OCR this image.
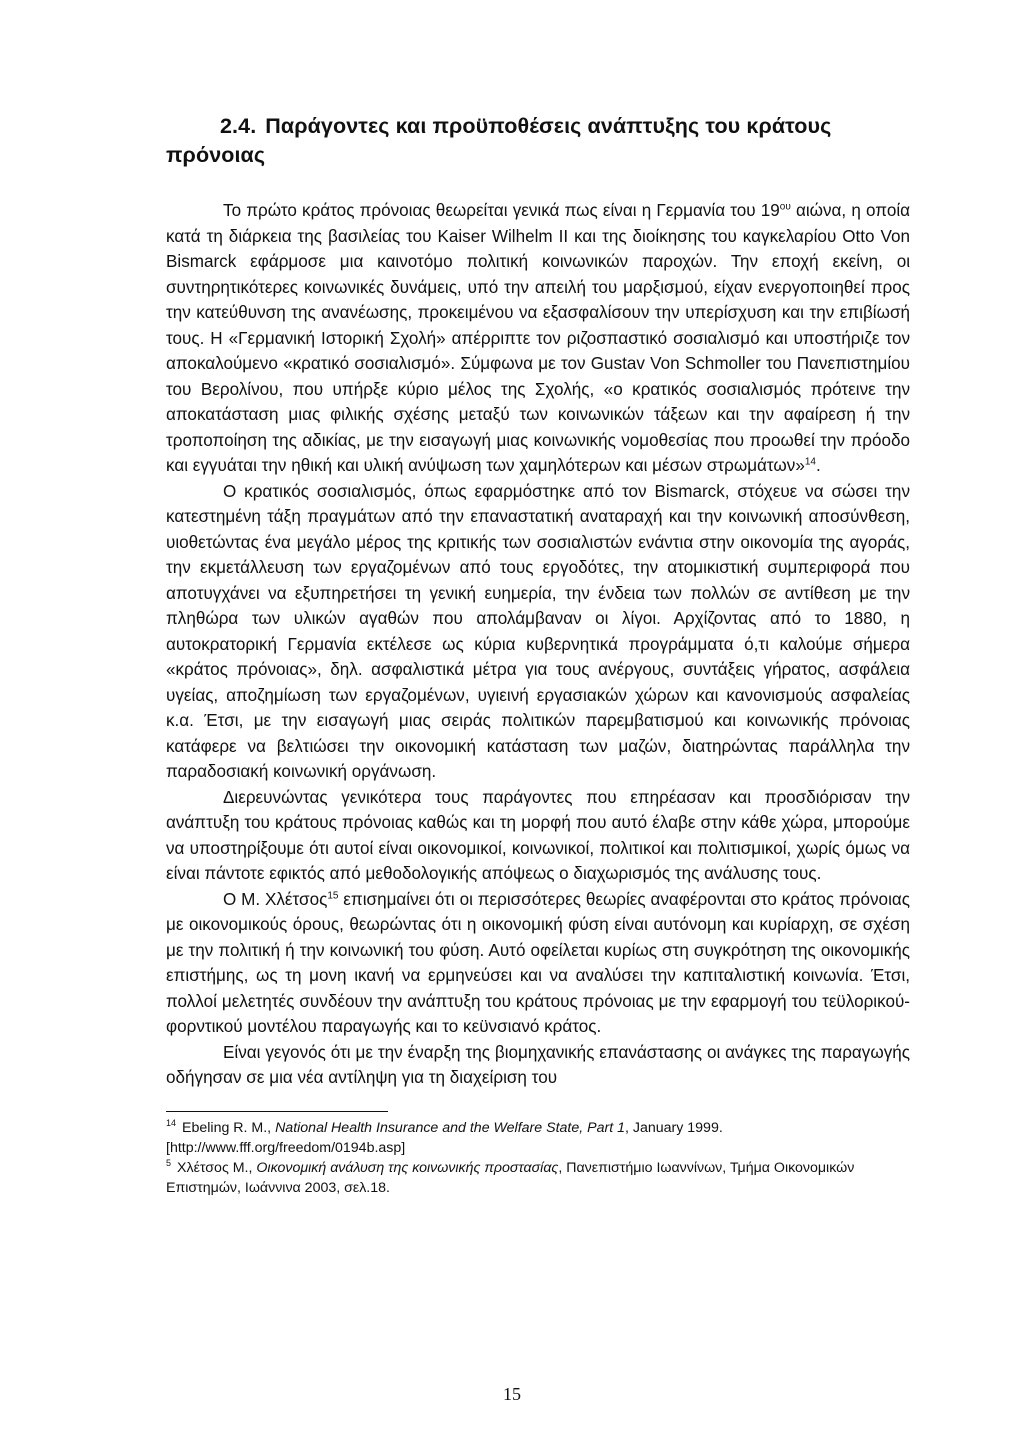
2.4. Παράγοντες και προϋποθέσεις ανάπτυξης του κράτους πρόνοιας

Το πρώτο κράτος πρόνοιας θεωρείται γενικά πως είναι η Γερμανία του $19^{o\upsilon}$ αιώνα, η οποία κατά τη διάρκεια της βασιλείας του Kaiser Wilhelm II και της διοίκησης του καγκελαρίου Otto Von Bismarck εφάρμοσε μια καινοτόμο πολιτική κοινωνικών παροχών. Την εποχή εκείνη, οι συντηρητικότερες κοινωνικές δυνάμεις, υπό την απειλή του μαρξισμού, είχαν ενεργοποιηθεί προς την κατεύθυνση της ανανέωσης, προκειμένου να εξασφαλίσουν την υπερίσχυση και την επιβίωσή τους. Η «Γερμανική Ιστορική Σχολή» απέρριπτε τον ριζοσπαστικό σοσιαλισμό και υποστήριζε τον αποκαλούμενο «κρατικό σοσιαλισμό». Σύμφωνα με τον Gustav Von Schmoller του Πανεπιστημίου του Βερολίνου, που υπήρξε κύριο μέλος της Σχολής, «ο κρατικός σοσιαλισμός πρότεινε την αποκατάσταση μιας φιλικής σχέσης μεταξύ των κοινωνικών τάξεων και την αφαίρεση ή την τροποποίηση της αδικίας, με την εισαγωγή μιας κοινωνικής νομοθεσίας που προωθεί την πρόοδο και εγγυάται την ηθική και υλική ανύψωση των χαμηλότερων και μέσων στρωμάτων»$^{14}$.

Ο κρατικός σοσιαλισμός, όπως εφαρμόστηκε από τον Bismarck, στόχευε να σώσει την κατεστημένη τάξη πραγμάτων από την επαναστατική αναταραχή και την κοινωνική αποσύνθεση, υιοθετώντας ένα μεγάλο μέρος της κριτικής των σοσιαλιστών ενάντια στην οικονομία της αγοράς, την εκμετάλλευση των εργαζομένων από τους εργοδότες, την ατομικιστική συμπεριφορά που αποτυγχάνει να εξυπηρετήσει τη γενική ευημερία, την ένδεια των πολλών σε αντίθεση με την πληθώρα των υλικών αγαθών που απολάμβαναν οι λίγοι. Αρχίζοντας από το 1880, η αυτοκρατορική Γερμανία εκτέλεσε ως κύρια κυβερνητικά προγράμματα ό,τι καλούμε σήμερα «κράτος πρόνοιας», δηλ. ασφαλιστικά μέτρα για τους ανέργους, συντάξεις γήρατος, ασφάλεια υγείας, αποζημίωση των εργαζομένων, υγιεινή εργασιακών χώρων και κανονισμούς ασφαλείας κ.α. Έτσι, με την εισαγωγή μιας σειράς πολιτικών παρεμβατισμού και κοινωνικής πρόνοιας κατάφερε να βελτιώσει την οικονομική κατάσταση των μαζών, διατηρώντας παράλληλα την παραδοσιακή κοινωνική οργάνωση.

Διερευνώντας γενικότερα τους παράγοντες που επηρέασαν και προσδιόρισαν την ανάπτυξη του κράτους πρόνοιας καθώς και τη μορφή που αυτό έλαβε στην κάθε χώρα, μπορούμε να υποστηρίξουμε ότι αυτοί είναι οικονομικοί, κοινωνικοί, πολιτικοί και πολιτισμικοί, χωρίς όμως να είναι πάντοτε εφικτός από μεθοδολογικής απόψεως ο διαχωρισμός της ανάλυσης τους.

Ο Μ. Χλέτσος$^{15}$ επισημαίνει ότι οι περισσότερες θεωρίες αναφέρονται στο κράτος πρόνοιας με οικονομικούς όρους, θεωρώντας ότι η οικονομική φύση είναι αυτόνομη και κυρίαρχη, σε σχέση με την πολιτική ή την κοινωνική του φύση. Αυτό οφείλεται κυρίως στη συγκρότηση της οικονομικής επιστήμης, ως τη μονη ικανή να ερμηνεύσει και να αναλύσει την καπιταλιστική κοινωνία. Έτσι, πολλοί μελετητές συνδέουν την ανάπτυξη του κράτους πρόνοιας με την εφαρμογή του τεϋλορικού-φορντικού μοντέλου παραγωγής και το κεϋνσιανό κράτος.

Είναι γεγονός ότι με την έναρξη της βιομηχανικής επανάστασης οι ανάγκες της παραγωγής οδήγησαν σε μια νέα αντίληψη για τη διαχείριση του

$^{14}$ Ebeling R. M., National Health Insurance and the Welfare State, Part 1, January 1999. [http://www.fff.org/freedom/0194b.asp]

$^5$ Χλέτσος Μ., Οικονομική ανάλυση της κοινωνικής προστασίας, Πανεπιστήμιο Ιωαννίνων, Τμήμα Οικονομικών Επιστημών, Ιωάννινα 2003, σελ.18.

15
